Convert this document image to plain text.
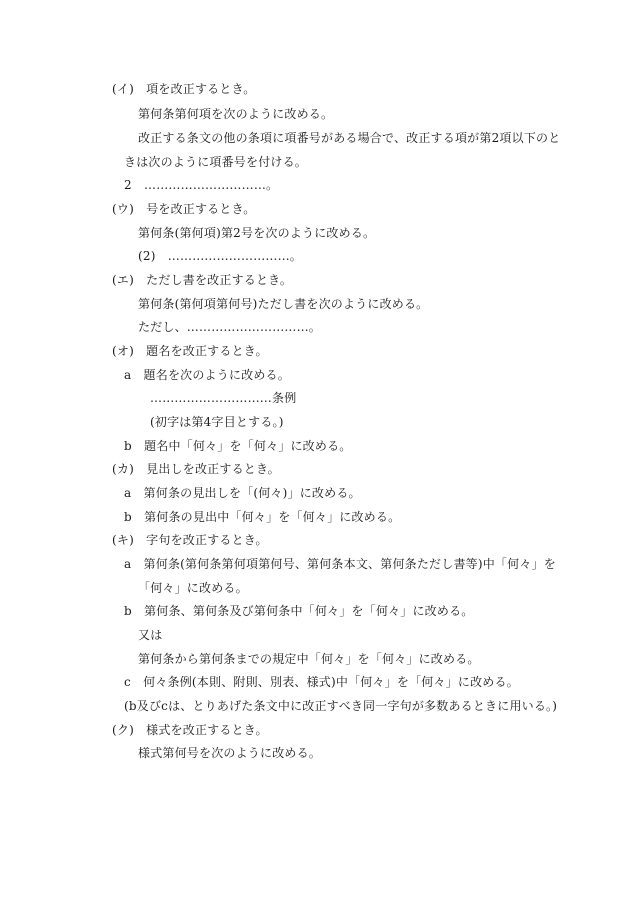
(イ)　項を改正するとき。
第何条第何項を次のように改める。
改正する条文の他の条項に項番号がある場合で、改正する項が第2項以下のと
きは次のように項番号を付ける。
2　…………………………。
(ウ)　号を改正するとき。
第何条(第何項)第2号を次のように改める。
(2)　…………………………。
(エ)　ただし書を改正するとき。
第何条(第何項第何号)ただし書を次のように改める。
ただし、…………………………。
(オ)　題名を改正するとき。
a　題名を次のように改める。
…………………………条例
(初字は第4字目とする。)
b　題名中「何々」を「何々」に改める。
(カ)　見出しを改正するとき。
a　第何条の見出しを「(何々)」に改める。
b　第何条の見出中「何々」を「何々」に改める。
(キ)　字句を改正するとき。
a　第何条(第何条第何項第何号、第何条本文、第何条ただし書等)中「何々」を
「何々」に改める。
b　第何条、第何条及び第何条中「何々」を「何々」に改める。
又は
第何条から第何条までの規定中「何々」を「何々」に改める。
c　何々条例(本則、附則、別表、様式)中「何々」を「何々」に改める。
(b及びcは、とりあげた条文中に改正すべき同一字句が多数あるときに用いる。)
(ク)　様式を改正するとき。
様式第何号を次のように改める。
